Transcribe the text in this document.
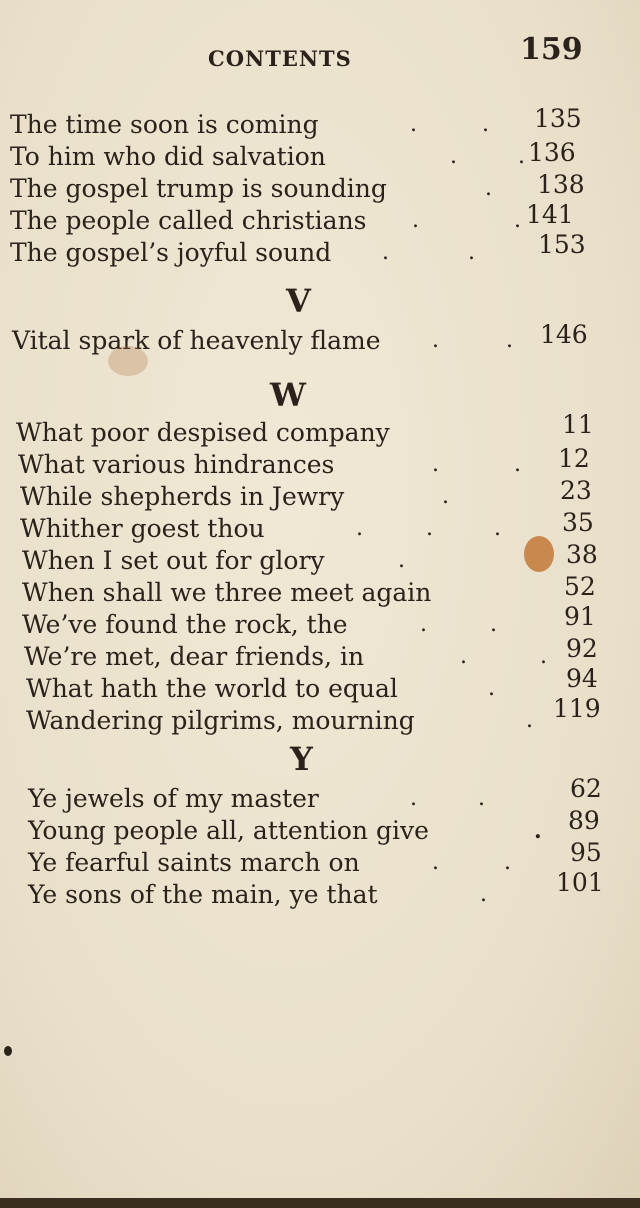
CONTENTS	159
The time soon is coming	.	. 135
To him who did salvation	.	. 136
The gospel trump is sounding	. 138
The people called christians .	. 141
The gospel’s joyful sound .	.	153
V
Vital spark of heavenly flame .	. 146
W
What poor despised company	11
What various hindrances	.	. 12
While shepherds in Jewry	.	23
Whither goest thou	.	.	. 35
When I set out for glory	.	38
When shall we three meet again	52
We’ve found the rock, the	.	.	91
We’re met, dear friends, in	.	. 92
What hath the world to equal	.	94
Wandering pilgrims, mourning	. 119
Y
Ye jewels of my master	.	.	62
Young people all, attention give	. 89
Ye fearful saints march on	.	. 95
Ye sons of the main, ye that	.	101
